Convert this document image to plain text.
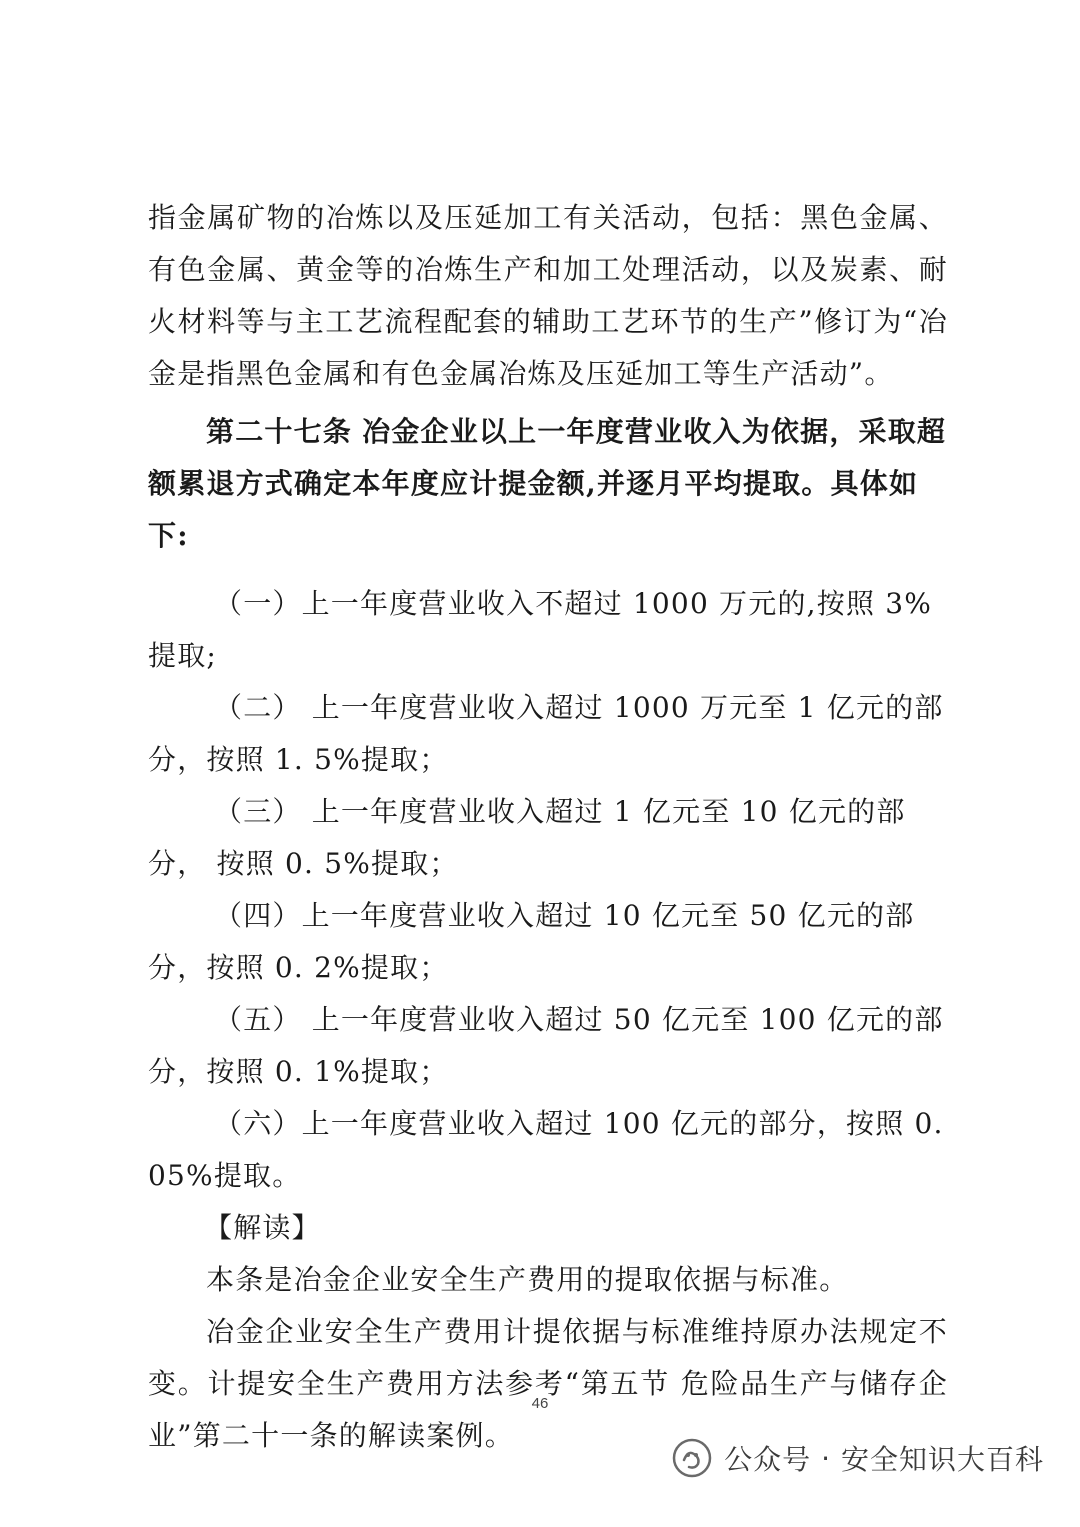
指金属矿物的冶炼以及压延加工有关活动，包括：黑色金属、有色金属、黄金等的冶炼生产和加工处理活动，以及炭素、耐火材料等与主工艺流程配套的辅助工艺环节的生产”修订为“冶金是指黑色金属和有色金属冶炼及压延加工等生产活动”。

第二十七条 冶金企业以上一年度营业收入为依据，采取超额累退方式确定本年度应计提金额,并逐月平均提取。具体如下:

（一）上一年度营业收入不超过 1000 万元的,按照 3%提取;

（二） 上一年度营业收入超过 1000 万元至 1 亿元的部分，按照 1. 5%提取；

（三） 上一年度营业收入超过 1 亿元至 10 亿元的部分， 按照 0. 5%提取；

（四）上一年度营业收入超过 10 亿元至 50 亿元的部分，按照 0. 2%提取；

（五） 上一年度营业收入超过 50 亿元至 100 亿元的部分，按照 0. 1%提取；

（六）上一年度营业收入超过 100 亿元的部分，按照 0. 05%提取。

【解读】

本条是冶金企业安全生产费用的提取依据与标准。

冶金企业安全生产费用计提依据与标准维持原办法规定不变。计提安全生产费用方法参考“第五节 危险品生产与储存企业”第二十一条的解读案例。

46
公众号 · 安全知识大百科
